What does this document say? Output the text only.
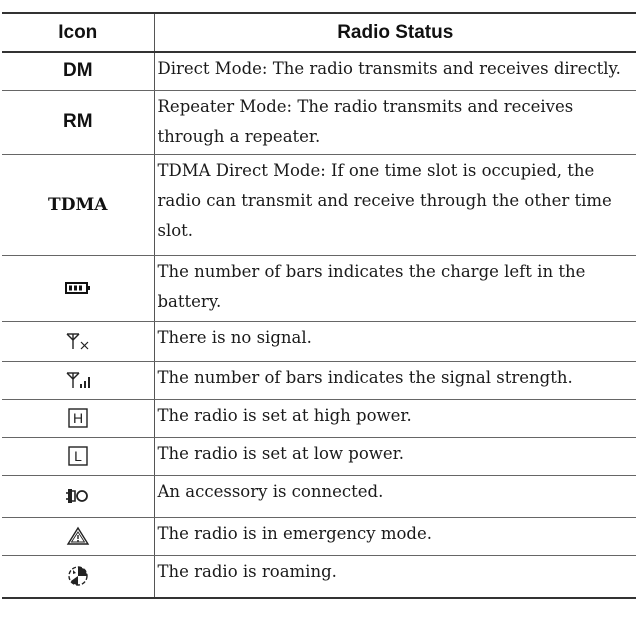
Icon	Radio Status
DM	Direct Mode: The radio transmits and receives directly.
RM	Repeater Mode: The radio transmits and receives through a repeater.
TDMA	TDMA Direct Mode: If one time slot is occupied, the radio can transmit and receive through the other time slot.

	The number of bars indicates the charge left in the battery.

	There is no signal.

	The number of bars indicates the signal strength.

H	The radio is set at high power.

L	The radio is set at low power.

	An accessory is connected.

	The radio is in emergency mode.

	The radio is roaming.
